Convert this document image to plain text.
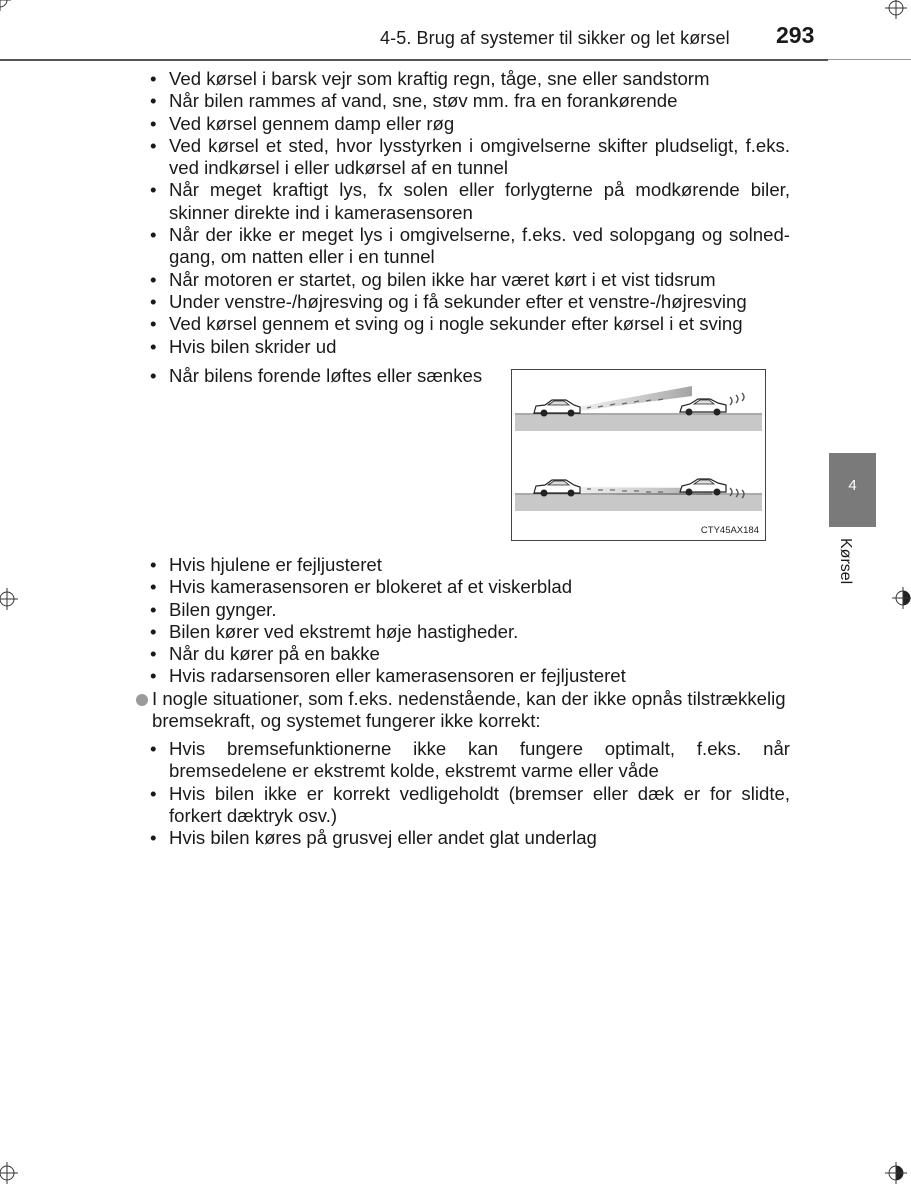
4-5. Brug af systemer til sikker og let kørsel 293
4
Kørsel
• Ved kørsel i barsk vejr som kraftig regn, tåge, sne eller sandstorm
• Når bilen rammes af vand, sne, støv mm. fra en forankørende
• Ved kørsel gennem damp eller røg
• Ved kørsel et sted, hvor lysstyrken i omgivelserne skifter pludseligt, f.eks. ved indkørsel i eller udkørsel af en tunnel
• Når meget kraftigt lys, fx solen eller forlygterne på modkørende biler, skinner direkte ind i kamerasensoren
• Når der ikke er meget lys i omgivelserne, f.eks. ved solopgang og solned-gang, om natten eller i en tunnel
• Når motoren er startet, og bilen ikke har været kørt i et vist tidsrum
• Under venstre-/højresving og i få sekunder efter et venstre-/højresving
• Ved kørsel gennem et sving og i nogle sekunder efter kørsel i et sving
• Hvis bilen skrider ud
• Når bilens forende løftes eller sænkes
CTY45AX184
• Hvis hjulene er fejljusteret
• Hvis kamerasensoren er blokeret af et viskerblad
• Bilen gynger.
• Bilen kører ved ekstremt høje hastigheder.
• Når du kører på en bakke
• Hvis radarsensoren eller kamerasensoren er fejljusteret
I nogle situationer, som f.eks. nedenstående, kan der ikke opnås tilstrækkelig bremsekraft, og systemet fungerer ikke korrekt:
• Hvis bremsefunktionerne ikke kan fungere optimalt, f.eks. når bremsedelene er ekstremt kolde, ekstremt varme eller våde
• Hvis bilen ikke er korrekt vedligeholdt (bremser eller dæk er for slidte, forkert dæktryk osv.)
• Hvis bilen køres på grusvej eller andet glat underlag
